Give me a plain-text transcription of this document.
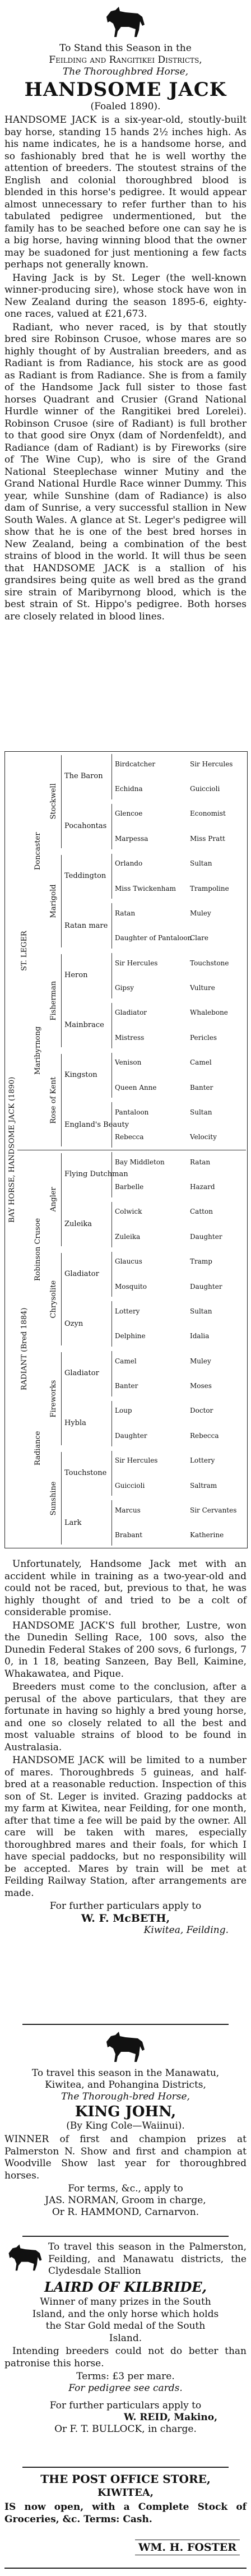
To Stand this Season in the
Feilding and Rangitikei Districts,
The Thoroughbred Horse,
HANDSOME JACK
(Foaled 1890).

HANDSOME JACK is a six-year-old, stoutly-built bay horse, standing 15 hands 2½ inches high. As his name indicates, he is a handsome horse, and so fashionably bred that he is well worthy the attention of breeders. The stoutest strains of the English and colonial thoroughbred blood is blended in this horse's pedigree. It would appear almost unnecessary to refer further than to his tabulated pedigree undermentioned, but the family has to be seached before one can say he is a big horse, having winning blood that the owner may be suadoned for just mentioning a few facts perhaps not generally known.

Having Jack is by St. Leger (the well-known winner-producing sire), whose stock have won in New Zealand during the season 1895-6, eighty-one races, valued at £21,673.

Radiant, who never raced, is by that stoutly bred sire Robinson Crusoe, whose mares are so highly thought of by Australian breeders, and as Radiant is from Radiance, his stock are as good as Radiant is from Radiance. She is from a family of the Handsome Jack full sister to those fast horses Quadrant and Crusier (Grand National Hurdle winner of the Rangitikei bred Lorelei). Robinson Crusoe (sire of Radiant) is full brother to that good sire Onyx (dam of Nordenfeldt), and Radiance (dam of Radiant) is by Fireworks (sire of The Wine Cup), who is sire of the Grand National Steeplechase winner Mutiny and the Grand National Hurdle Race winner Dummy. This year, while Sunshine (dam of Radiance) is also dam of Sunrise, a very successful stallion in New South Wales. A glance at St. Leger's pedigree will show that he is one of the best bred horses in New Zealand, being a combination of the best strains of blood in the world. It will thus be seen that HANDSOME JACK is a stallion of his grandsires being quite as well bred as the grand sire strain of Maribyrnong blood, which is the best strain of St. Hippo's pedigree. Both horses are closely related in blood lines.

BAY HORSE, HANDSOME JACK (1890)
ST. LEGER
RADIANT (Bred 1884)
Doncaster
Maribyrnong
Robinson Crusoe
Radiance
Stockwell
Marigold
Fisherman
Rose of Kent
Angler
Chrysolite
Fireworks
Sunshine
The Baron
Pocahontas
Teddington
Ratan mare
Heron
Mainbrace
Kingston
England's Beauty
Flying Dutchman
Zuleika
Gladiator
Ozyn
Gladiator
Hybla
Touchstone
Lark
Birdcatcher
Echidna
Glencoe
Marpessa
Orlando
Miss Twickenham
Ratan
Daughter of Pantaloon
Sir Hercules
Gipsy
Gladiator
Mistress
Venison
Queen Anne
Pantaloon
Rebecca
Bay Middleton
Barbelle
Colwick
Zuleika
Glaucus
Mosquito
Lottery
Delphine
Camel
Banter
Loup
Daughter
Sir Hercules
Guiccioli
Marcus
Brabant
Sir Hercules
Guiccioli
Economist
Miss Pratt
Sultan
Trampoline
Muley
Clare
Touchstone
Vulture
Whalebone
Pericles
Camel
Banter
Sultan
Velocity
Ratan
Hazard
Catton
Daughter
Tramp
Daughter
Sultan
Idalia
Muley
Moses
Doctor
Rebecca
Lottery
Saltram
Sir Cervantes
Katherine

Unfortunately, Handsome Jack met with an accident while in training as a two-year-old and could not be raced, but, previous to that, he was highly thought of and tried to be a colt of considerable promise.

HANDSOME JACK'S full brother, Lustre, won the Dunedin Selling Race, 100 sovs, also the Dunedin Federal Stakes of 200 sovs, 6 furlongs, 7 0, in 1 18, beating Sanzeen, Bay Bell, Kaimine, Whakawatea, and Pique.

Breeders must come to the conclusion, after a perusal of the above particulars, that they are fortunate in having so highly a bred young horse, and one so closely related to all the best and most valuable strains of blood to be found in Australasia.

HANDSOME JACK will be limited to a number of mares. Thoroughbreds 5 guineas, and half-bred at a reasonable reduction. Inspection of this son of St. Leger is invited. Grazing paddocks at my farm at Kiwitea, near Feilding, for one month, after that time a fee will be paid by the owner. All care will be taken with mares, especially thoroughbred mares and their foals, for which I have special paddocks, but no responsibility will be accepted. Mares by train will be met at Feilding Railway Station, after arrangements are made.

For further particulars apply to
W. F. McBETH,
Kiwitea, Feilding.
To travel this season in the Manawatu,
Kiwitea, and Pohangina Districts,
The Thorough-bred Horse,
KING JOHN,
(By King Cole—Waiinui).

WINNER of first and champion prizes at Palmerston N. Show and first and champion at Woodville Show last year for thoroughbred horses.

For terms, &c., apply to
JAS. NORMAN, Groom in charge,
Or R. HAMMOND, Carnarvon.
To travel this season in the Palmerston, Feilding, and Manawatu districts, the Clydesdale Stallion
LAIRD OF KILBRIDE,

Winner of many prizes in the South Island, and the only horse which holds the Star Gold medal of the South Island.

Intending breeders could not do better than patronise this horse.

Terms: £3 per mare.
For pedigree see cards.
For further particulars apply to
W. REID, Makino,
Or F. T. BULLOCK, in charge.
THE POST OFFICE STORE,
KIWITEA,

IS now open, with a Complete Stock of Groceries, &c. Terms: Cash.

WM. H. FOSTER
